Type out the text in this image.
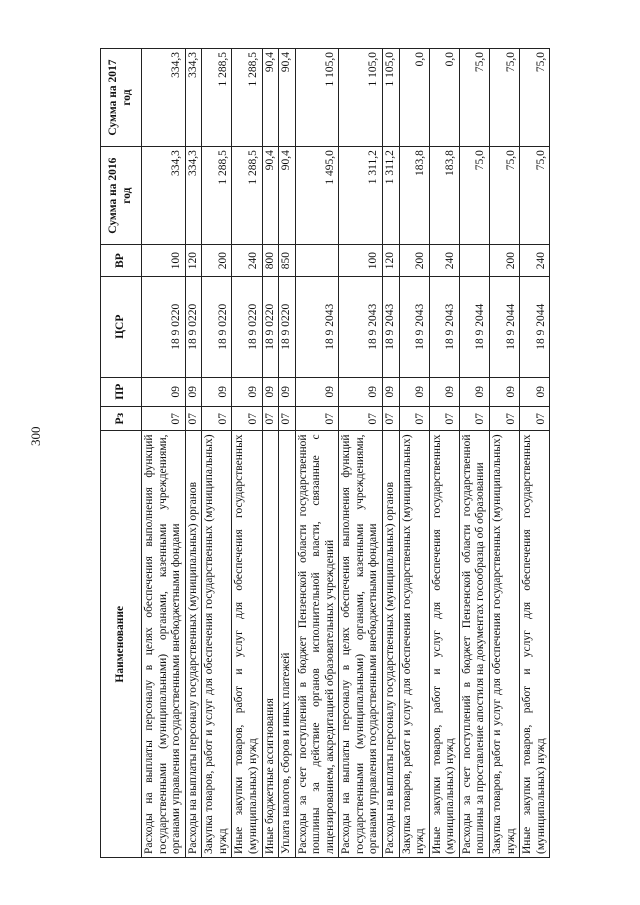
300
Наименование	Рз	ПР	ЦСР	ВР	Сумма на 2016 год	Сумма на 2017 год
Расходы на выплаты персоналу в целях обеспечения выполнения функций государственными (муниципальными) органами, казенными учреждениями, органами управления государственными внебюджетными фондами	07	09	18 9 0220	100	334,3	334,3
Расходы на выплаты персоналу государственных (муниципальных) органов	07	09	18 9 0220	120	334,3	334,3
Закупка товаров, работ и услуг для обеспечения государственных (муниципальных) нужд	07	09	18 9 0220	200	1 288,5	1 288,5
Иные закупки товаров, работ и услуг для обеспечения государственных (муниципальных) нужд	07	09	18 9 0220	240	1 288,5	1 288,5
Иные бюджетные ассигнования	07	09	18 9 0220	800	90,4	90,4
Уплата налогов, сборов и иных платежей	07	09	18 9 0220	850	90,4	90,4
Расходы за счет поступлений в бюджет Пензенской области государственной пошлины за действие органов исполнительной власти, связанные с лицензированием, аккредитацией образовательных учреждений	07	09	18 9 2043		1 495,0	1 105,0
Расходы на выплаты персоналу в целях обеспечения выполнения функций государственными (муниципальными) органами, казенными учреждениями, органами управления государственными внебюджетными фондами	07	09	18 9 2043	100	1 311,2	1 105,0
Расходы на выплаты персоналу государственных (муниципальных) органов	07	09	18 9 2043	120	1 311,2	1 105,0
Закупка товаров, работ и услуг для обеспечения государственных (муниципальных) нужд	07	09	18 9 2043	200	183,8	0,0
Иные закупки товаров, работ и услуг для обеспечения государственных (муниципальных) нужд	07	09	18 9 2043	240	183,8	0,0
Расходы за счет поступлений в бюджет Пензенской области государственной пошлины за проставление апостиля на документах госообразца об образовании	07	09	18 9 2044		75,0	75,0
Закупка товаров, работ и услуг для обеспечения государственных (муниципальных) нужд	07	09	18 9 2044	200	75,0	75,0
Иные закупки товаров, работ и услуг для обеспечения государственных (муниципальных) нужд	07	09	18 9 2044	240	75,0	75,0
